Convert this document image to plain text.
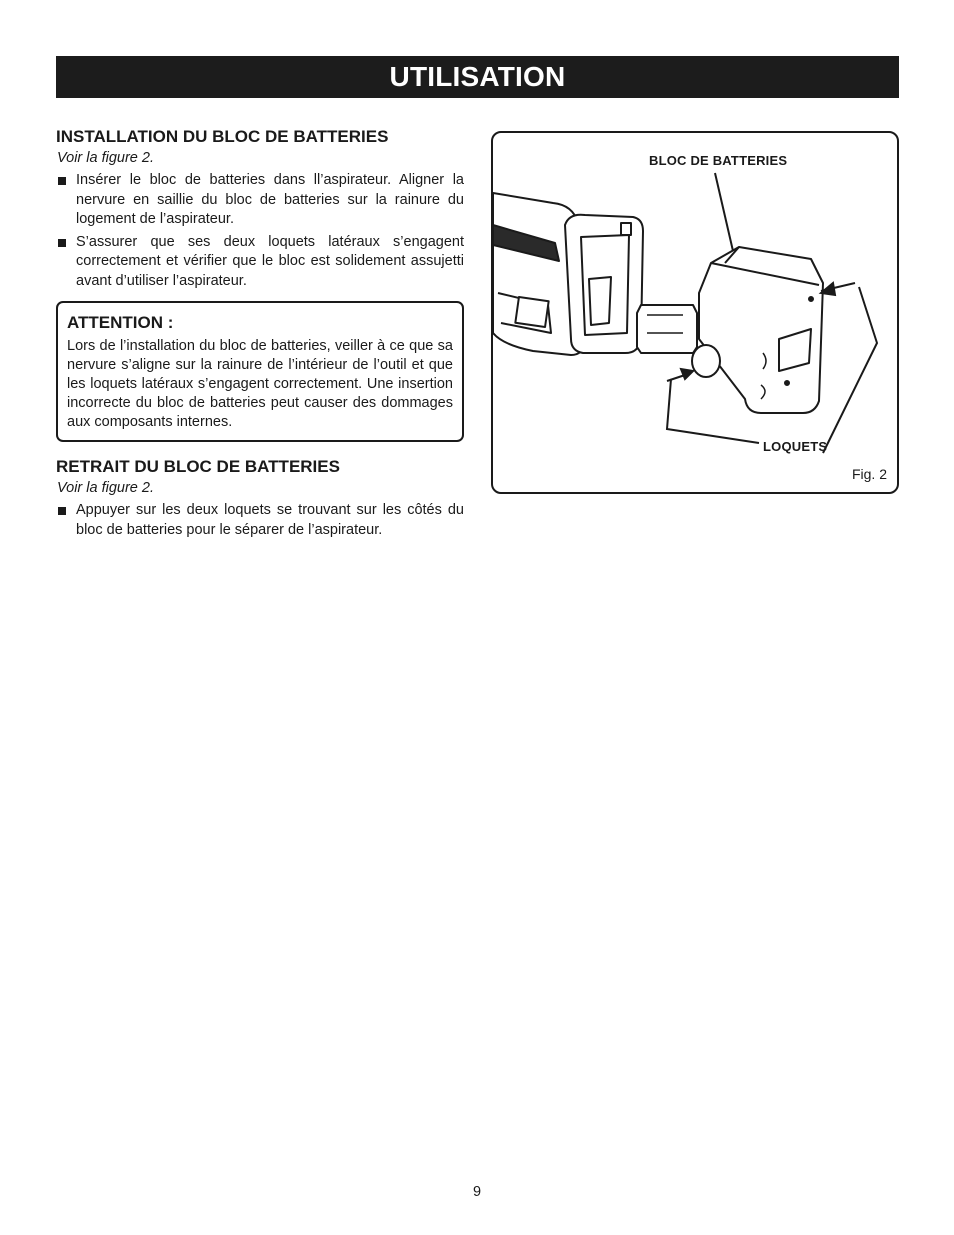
UTILISATION
INSTALLATION DU BLOC DE BATTERIES
Voir la figure 2.
Insérer le bloc de batteries dans ll’aspirateur. Aligner la nervure en saillie du bloc de batteries sur la rainure du logement de l’aspirateur.
S’assurer que ses deux loquets latéraux s’engagent correctement et vérifier que le bloc est solidement assujetti avant d’utiliser l’aspirateur.
ATTENTION :
Lors de l’installation du bloc de batteries, veiller à ce que sa nervure s’aligne sur la rainure de l’intérieur de l’outil et que les loquets latéraux s’engagent correctement. Une insertion incorrecte du bloc de batteries peut causer des dommages aux composants internes.
RETRAIT DU BLOC DE BATTERIES
Voir la figure 2.
Appuyer sur les deux loquets se trouvant sur les côtés du bloc de batteries pour le séparer de l’aspirateur.
BLOC DE BATTERIES
LOQUETS
Fig. 2
9
